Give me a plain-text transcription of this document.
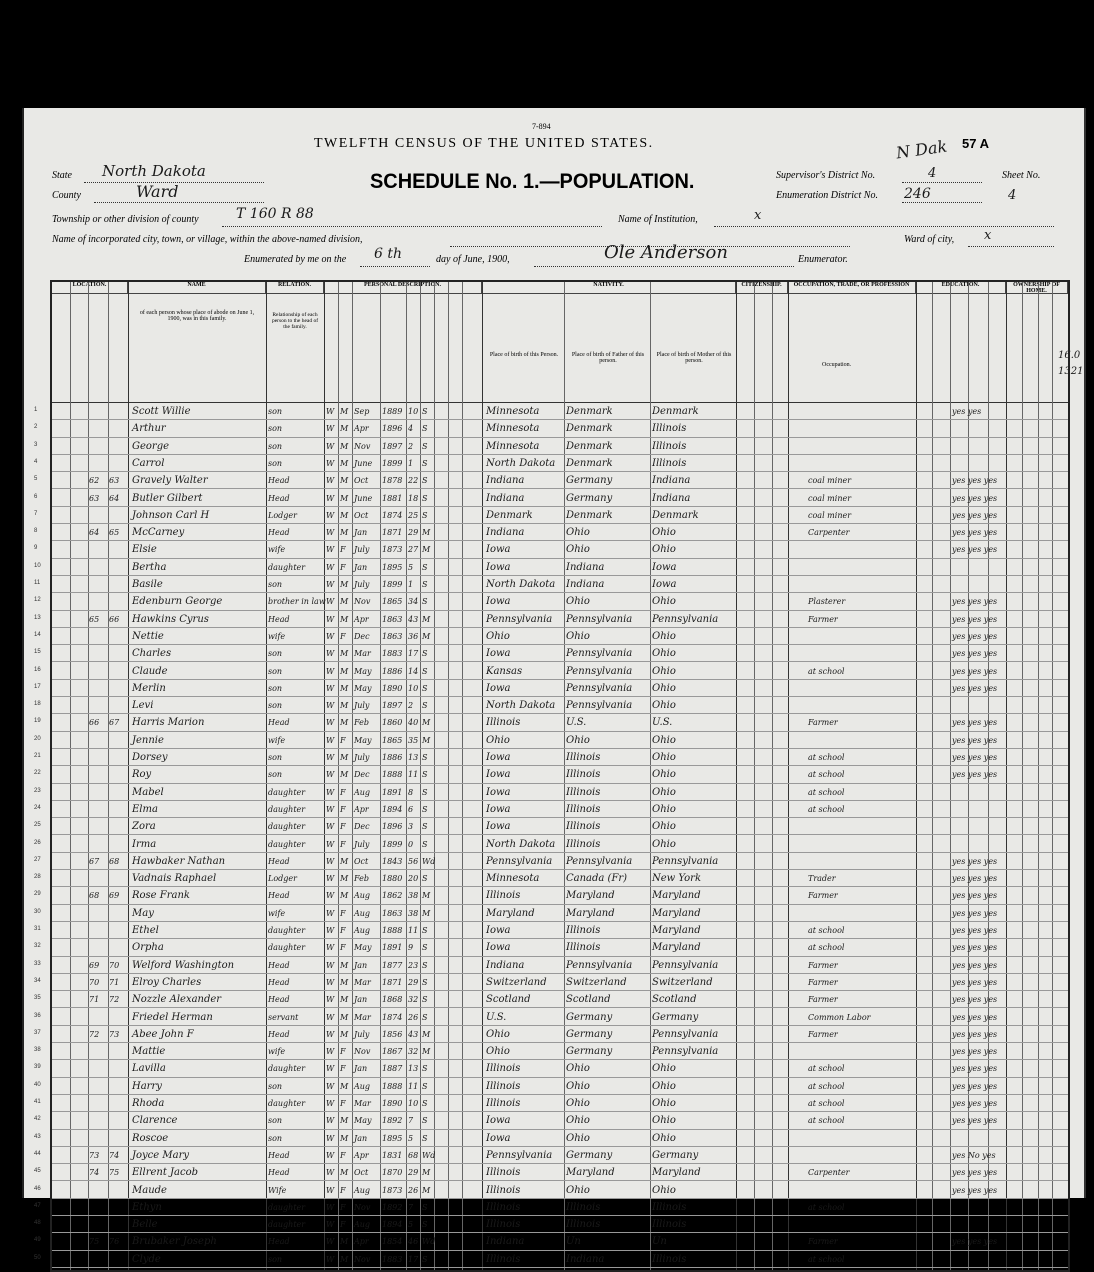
7-894
TWELFTH CENSUS OF THE UNITED STATES.	N Dak 57 A
SCHEDULE No. 1.—POPULATION.
State North Dakota
County	Ward
Supervisor's District No.	4	Sheet No.
Enumeration District No. 246	4
Township or other division of county	T 160 R 88	Name of Institution,	x
Name of incorporated city, town, or village, within the above-named division,	Ward of city, x
Enumerated by me on the 6 th	day of June, 1900,	Ole Anderson	Enumerator.
16.0
1321
LOCATION.	NAME	RELATION.	PERSONAL DESCRIPTION.	NATIVITY.	CITIZENSHIP.	OCCUPATION, TRADE, OR PROFESSION	EDUCATION.	OWNERSHIP OF HOME.
of each person whose place of abode on June 1, 1900, was in this family.
Relationship of each person to the head of the family.
Place of birth of this Person.	Place of birth of Father of this person.
Place of birth of Mother of this person.
Occupation.
1	Scott Willie	son	W M Sep	1889 10 S	Minnesota	Denmark	Denmark	yes yes
2	Arthur	son	W M Apr	1896 4	S	Minnesota	Denmark	Illinois
3	George	son	W M Nov	1897 2	S	Minnesota	Denmark	Illinois
4	Carrol	son	W M June	1899 1	S	North Dakota	Denmark	Illinois
5	62	63	Gravely Walter	Head	W M Oct	1878 22 S	Indiana	Germany	Indiana	coal miner	yes yes yes
6	63	64	Butler Gilbert	Head	W M June	1881 18 S	Indiana	Germany	Indiana	coal miner	yes yes yes
7	Johnson Carl H	Lodger	W M Oct	1874 25 S	Denmark	Denmark	Denmark	coal miner	yes yes yes
8	64	65	McCarney	Head	W M Jan	1871 29 M	Indiana	Ohio	Ohio	Carpenter	yes yes yes
9	Elsie	wife	W F	July	1873 27 M	Iowa	Ohio	Ohio	yes yes yes
10	Bertha	daughter	W F	Jan	1895 5	S	Iowa	Indiana	Iowa
11	Basile	son	W M July	1899 1	S	North Dakota	Indiana	Iowa
12	Edenburn George	brother in law W M Nov	1865 34 S	Iowa	Ohio	Ohio	Plasterer	yes yes yes
13	65	66	Hawkins Cyrus	Head	W M Apr	1863 43 M	Pennsylvania	Pennsylvania	Pennsylvania	Farmer	yes yes yes
14	Nettie	wife	W F	Dec	1863 36 M	Ohio	Ohio	Ohio	yes yes yes
15	Charles	son	W M Mar	1883 17 S	Iowa	Pennsylvania	Ohio	yes yes yes
16	Claude	son	W M May	1886 14 S	Kansas	Pennsylvania	Ohio	at school	yes yes yes
17	Merlin	son	W M May	1890 10 S	Iowa	Pennsylvania	Ohio	yes yes yes
18	Levi	son	W M July	1897 2	S	North Dakota	Pennsylvania	Ohio
19	66	67	Harris Marion	Head	W M Feb	1860 40 M	Illinois	U.S.	U.S.	Farmer	yes yes yes
20	Jennie	wife	W F	May	1865 35 M	Ohio	Ohio	Ohio	yes yes yes
21	Dorsey	son	W M July	1886 13 S	Iowa	Illinois	Ohio	at school	yes yes yes
22	Roy	son	W M Dec	1888 11 S	Iowa	Illinois	Ohio	at school	yes yes yes
23	Mabel	daughter	W F	Aug	1891 8	S	Iowa	Illinois	Ohio	at school
24	Elma	daughter	W F	Apr	1894 6	S	Iowa	Illinois	Ohio	at school
25	Zora	daughter	W F	Dec	1896 3	S	Iowa	Illinois	Ohio
26	Irma	daughter	W F	July	1899 0	S	North Dakota	Illinois	Ohio
27	67	68	Hawbaker Nathan	Head	W M Oct	1843 56 Wd	Pennsylvania	Pennsylvania	Pennsylvania	yes yes yes
28	Vadnais Raphael	Lodger	W M Feb	1880 20 S	Minnesota	Canada (Fr)	New York	Trader	yes yes yes
29	68	69	Rose Frank	Head	W M Aug	1862 38 M	Illinois	Maryland	Maryland	Farmer	yes yes yes
30	May	wife	W F	Aug	1863 38 M	Maryland	Maryland	Maryland	yes yes yes
31	Ethel	daughter	W F	Aug	1888 11 S	Iowa	Illinois	Maryland	at school	yes yes yes
32	Orpha	daughter	W F	May	1891 9	S	Iowa	Illinois	Maryland	at school	yes yes yes
33	69	70	Welford Washington	Head	W M Jan	1877 23 S	Indiana	Pennsylvania	Pennsylvania	Farmer	yes yes yes
34	70	71	Elroy Charles	Head	W M Mar	1871 29 S	Switzerland	Switzerland	Switzerland	Farmer	yes yes yes
35	71	72	Nozzle Alexander	Head	W M Jan	1868 32 S	Scotland	Scotland	Scotland	Farmer	yes yes yes
36	Friedel Herman	servant	W M Mar	1874 26 S	U.S.	Germany	Germany	Common Labor	yes yes yes
37	72	73	Abee John F	Head	W M July	1856 43 M	Ohio	Germany	Pennsylvania	Farmer	yes yes yes
38	Mattie	wife	W F	Nov	1867 32 M	Ohio	Germany	Pennsylvania	yes yes yes
39	Lavilla	daughter	W F	Jan	1887 13 S	Illinois	Ohio	Ohio	at school	yes yes yes
40	Harry	son	W M Aug	1888 11 S	Illinois	Ohio	Ohio	at school	yes yes yes
41	Rhoda	daughter	W F	Mar	1890 10 S	Illinois	Ohio	Ohio	at school	yes yes yes
42	Clarence	son	W M May	1892 7	S	Iowa	Ohio	Ohio	at school	yes yes yes
43	Roscoe	son	W M Jan	1895 5	S	Iowa	Ohio	Ohio
44	73	74	Joyce Mary	Head	W F	Apr	1831 68 Wd	Pennsylvania	Germany	Germany	yes No yes
45	74	75	Ellrent Jacob	Head	W M Oct	1870 29 M	Illinois	Maryland	Maryland	Carpenter	yes yes yes
46	Maude	Wife	W F	Aug	1873 26 M	Illinois	Ohio	Ohio	yes yes yes
47	Ethyn	daughter	W F	Nov	1892 7	S	Illinois	Illinois	Illinois	at school
48	Belle	daughter	W F	Aug	1894 5	S	Illinois	Illinois	Illinois
49	75	76	Brubaker Joseph	Head	W M Apr	1854 46 Wd	Indiana	Un	Un	Farmer	yes yes yes
50	Clyde	son	W M Nov	1883 17 S	Illinois	Indiana	Illinois	at school
